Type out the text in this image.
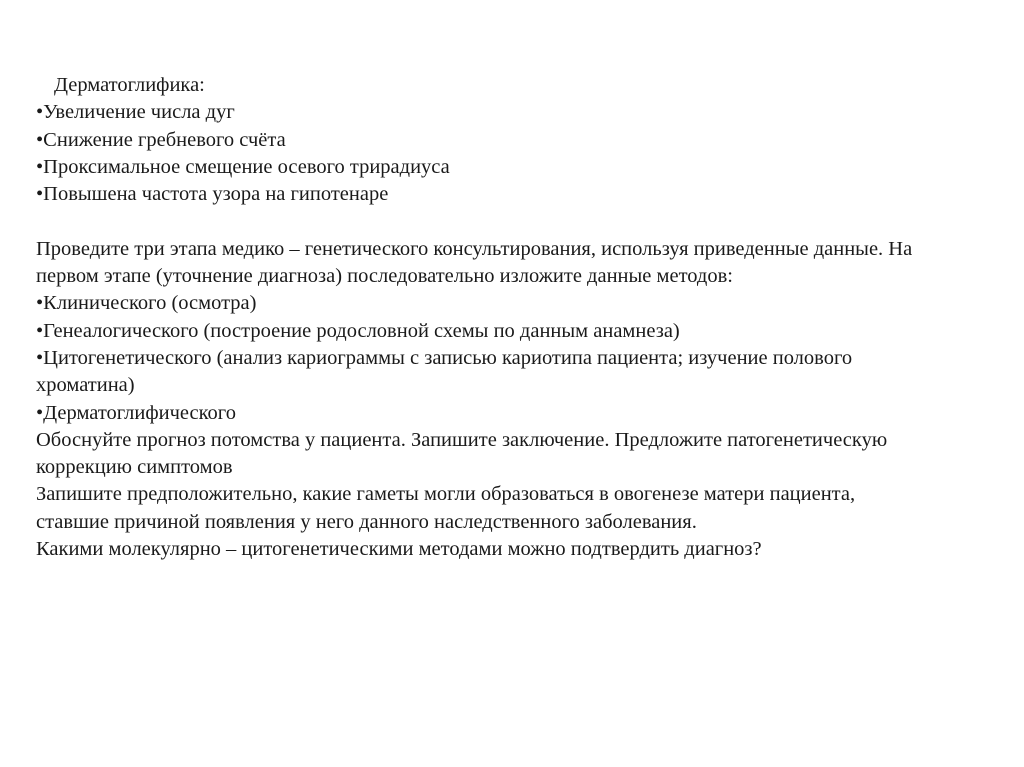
Дерматоглифика:
•Увеличение числа дуг
•Снижение гребневого счёта
•Проксимальное смещение осевого трирадиуса
•Повышена частота узора на гипотенаре
Проведите три этапа медико – генетического консультирования, используя приведенные данные. На
первом этапе (уточнение диагноза) последовательно изложите данные методов:
•Клинического (осмотра)
•Генеалогического (построение родословной схемы по данным анамнеза)
•Цитогенетического (анализ кариограммы с записью кариотипа пациента; изучение полового
хроматина)
•Дерматоглифического
Обоснуйте прогноз потомства у пациента. Запишите заключение. Предложите патогенетическую
коррекцию симптомов
Запишите предположительно, какие гаметы могли образоваться в овогенезе матери пациента,
ставшие причиной появления у него данного наследственного заболевания.
Какими молекулярно – цитогенетическими методами можно подтвердить диагноз?
